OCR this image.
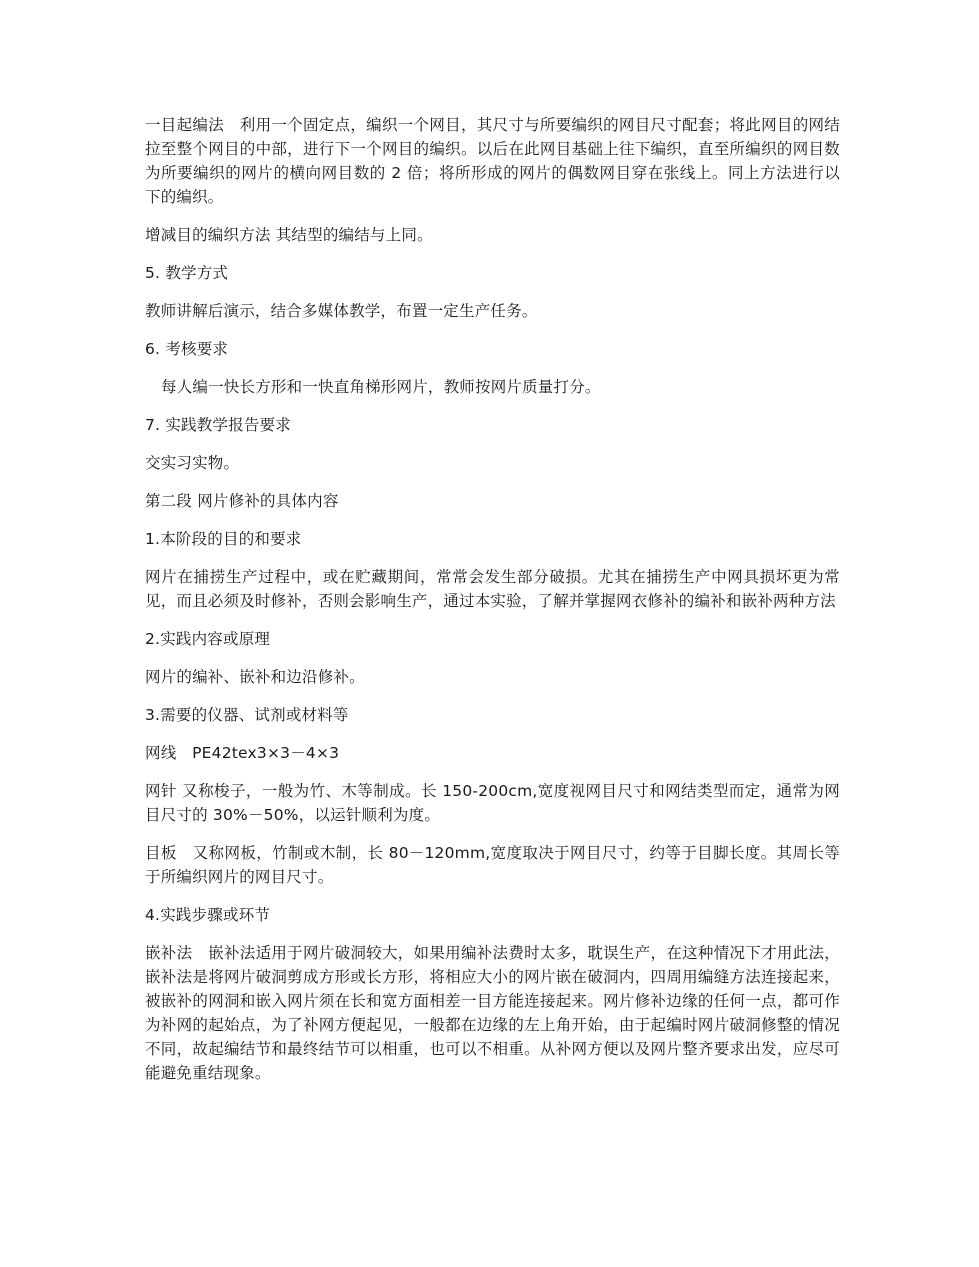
一目起编法　利用一个固定点，编织一个网目，其尺寸与所要编织的网目尺寸配套；将此网目的网结拉至整个网目的中部，进行下一个网目的编织。以后在此网目基础上往下编织，直至所编织的网目数为所要编织的网片的横向网目数的 2 倍；将所形成的网片的偶数网目穿在张线上。同上方法进行以下的编织。

增减目的编织方法 其结型的编结与上同。

5. 教学方式

教师讲解后演示，结合多媒体教学，布置一定生产任务。

6. 考核要求

每人编一快长方形和一快直角梯形网片，教师按网片质量打分。

7. 实践教学报告要求

交实习实物。

第二段 网片修补的具体内容

1.本阶段的目的和要求

网片在捕捞生产过程中，或在贮藏期间，常常会发生部分破损。尤其在捕捞生产中网具损坏更为常见，而且必须及时修补，否则会影响生产，通过本实验，了解并掌握网衣修补的编补和嵌补两种方法

2.实践内容或原理

网片的编补、嵌补和边沿修补。

3.需要的仪器、试剂或材料等

网线　PE42tex3×3－4×3

网针 又称梭子，一般为竹、木等制成。长 150-200cm,宽度视网目尺寸和网结类型而定，通常为网目尺寸的 30%－50%，以运针顺利为度。

目板　又称网板，竹制或木制，长 80－120mm,宽度取决于网目尺寸，约等于目脚长度。其周长等于所编织网片的网目尺寸。

4.实践步骤或环节

嵌补法　嵌补法适用于网片破洞较大，如果用编补法费时太多，耽误生产，在这种情况下才用此法，嵌补法是将网片破洞剪成方形或长方形，将相应大小的网片嵌在破洞内，四周用编缝方法连接起来，被嵌补的网洞和嵌入网片须在长和宽方面相差一目方能连接起来。网片修补边缘的任何一点，都可作为补网的起始点，为了补网方便起见，一般都在边缘的左上角开始，由于起编时网片破洞修整的情况不同，故起编结节和最终结节可以相重，也可以不相重。从补网方便以及网片整齐要求出发，应尽可能避免重结现象。
